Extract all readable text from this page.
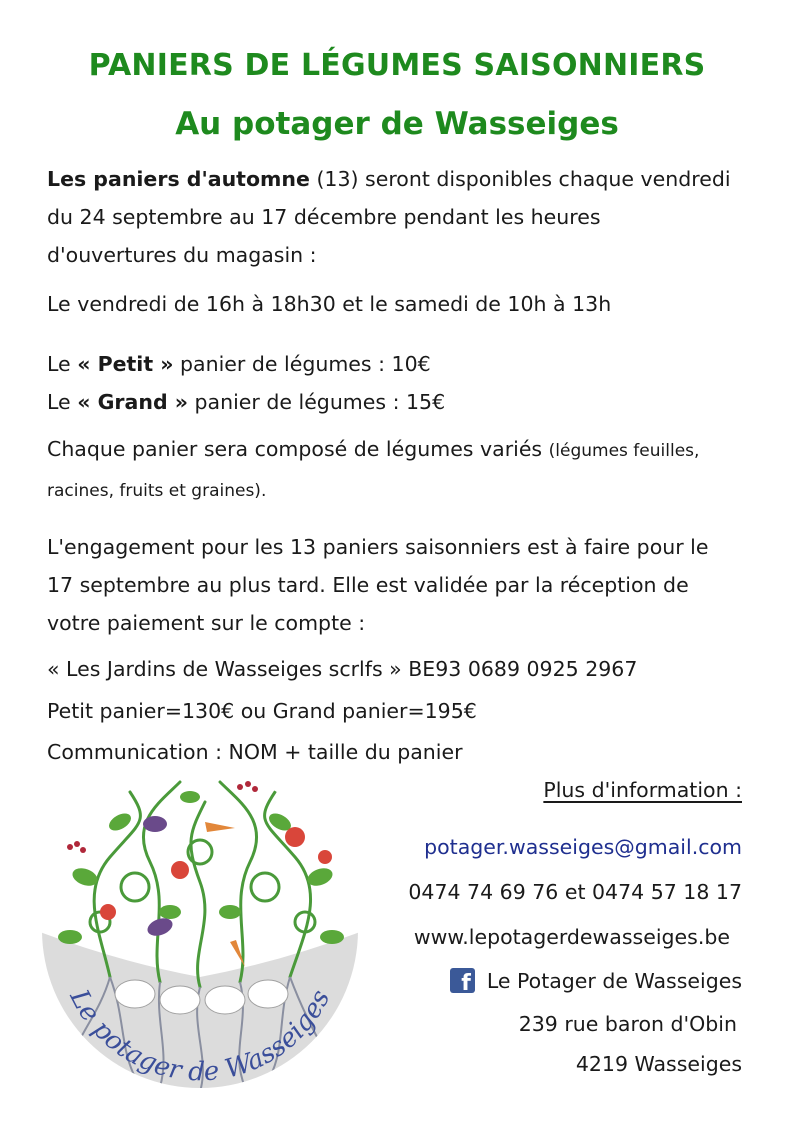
PANIERS DE LÉGUMES SAISONNIERS
Au potager de Wasseiges

Les paniers d'automne (13) seront disponibles chaque vendredi
du 24 septembre au 17 décembre pendant les heures
d'ouvertures du magasin :

Le vendredi de 16h à 18h30 et le samedi de 10h à 13h

Le « Petit » panier de légumes : 10€
Le « Grand » panier de légumes : 15€

Chaque panier sera composé de légumes variés (légumes feuilles,
racines, fruits et graines).

L'engagement pour les 13 paniers saisonniers est à faire pour le
17 septembre au plus tard. Elle est validée par la réception de
votre paiement sur le compte :

« Les Jardins de Wasseiges scrlfs » BE93 0689 0925 2967

Petit panier=130€ ou Grand panier=195€

Communication : NOM + taille du panier

Plus d'information :

potager.wasseiges@gmail.com

0474 74 69 76 et 0474 57 18 17

www.lepotagerdewasseiges.be

f Le Potager de Wasseiges

239 rue baron d'Obin

4219 Wasseiges

Le potager de Wasseiges
